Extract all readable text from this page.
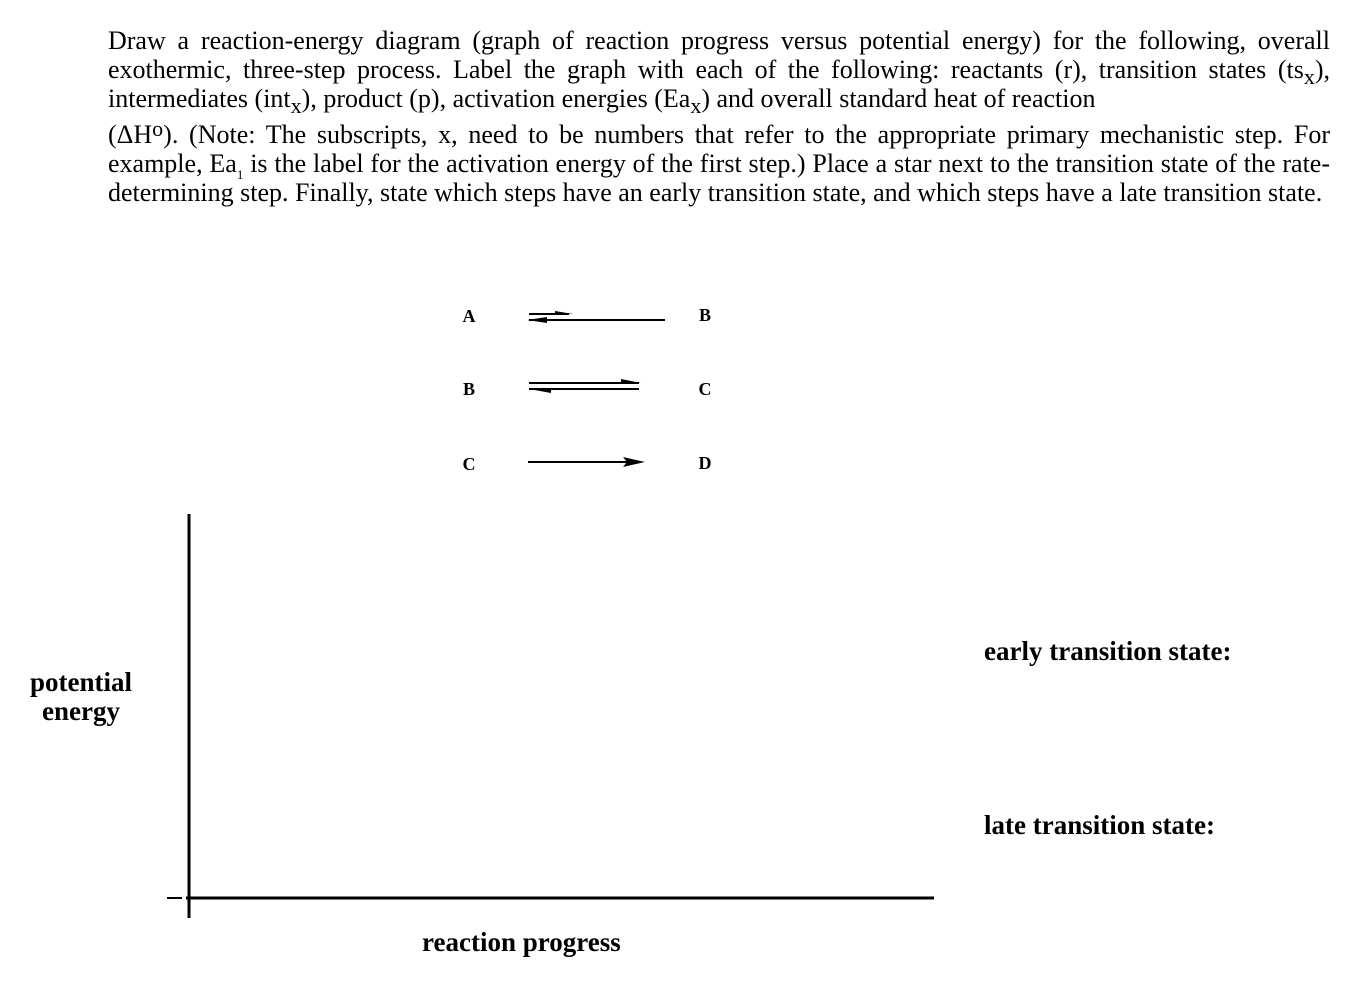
Draw a reaction-energy diagram (graph of reaction progress versus potential energy) for the following, overall exothermic, three-step process. Label the graph with each of the following: reactants (r), transition states $(ts_x)$, intermediates (int$_x$), product (p), activation energies $(Ea_x)$ and overall standard heat of reaction

$(\Delta H^o)$. (Note: The subscripts, x, need to be numbers that refer to the appropriate primary mechanistic step. For example, $Ea_1$ is the label for the activation energy of the first step.) Place a star next to the transition state of the rate-determining step. Finally, state which steps have an early transition state, and which steps have a late transition state.

A	B
B	C
C	D
potential
energy
reaction progress
early transition state:
late transition state:
